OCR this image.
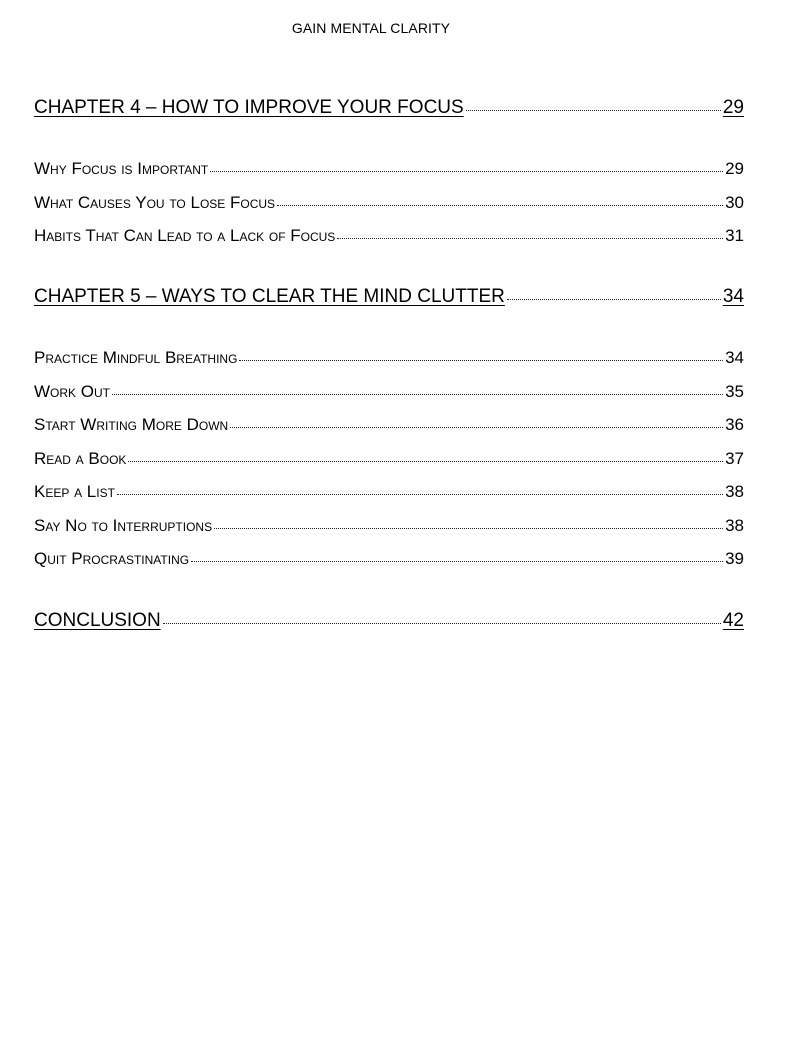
GAIN MENTAL CLARITY
CHAPTER 4 – HOW TO IMPROVE YOUR FOCUS	29
Why Focus is Important	29
What Causes You to Lose Focus	30
Habits That Can Lead to a Lack of Focus	31
CHAPTER 5 – WAYS TO CLEAR THE MIND CLUTTER	34
Practice Mindful Breathing	34
Work Out	35
Start Writing More Down	36
Read a Book	37
Keep a List	38
Say No to Interruptions	38
Quit Procrastinating	39
CONCLUSION	42
